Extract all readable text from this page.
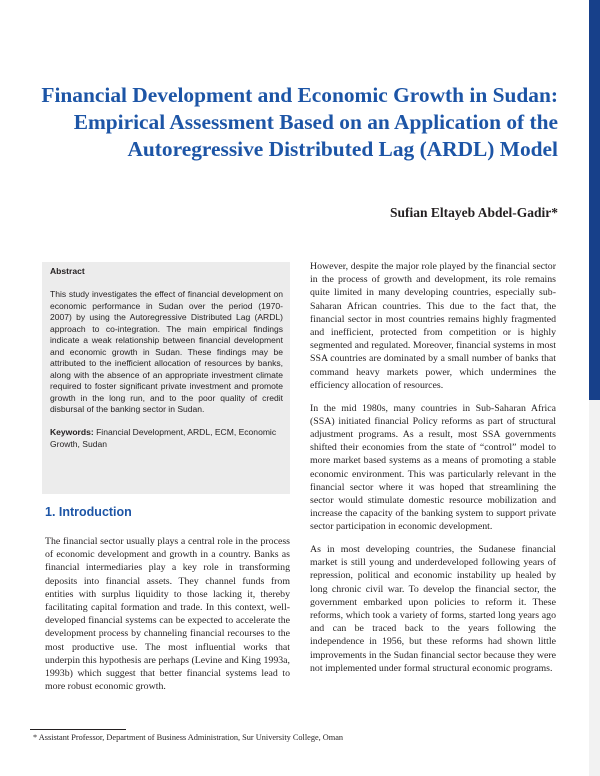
Financial Development and Economic Growth in Sudan: Empirical Assessment Based on an Application of the Autoregressive Distributed Lag (ARDL) Model

Sufian Eltayeb Abdel-Gadir*

Abstract

This study investigates the effect of financial development on economic performance in Sudan over the period (1970- 2007) by using the Autoregressive Distributed Lag (ARDL) approach to co-integration. The main empirical findings indicate a weak relationship between financial development and economic growth in Sudan. These findings may be attributed to the inefficient allocation of resources by banks, along with the absence of an appropriate investment climate required to foster significant private investment and promote growth in the long run, and to the poor quality of credit disbursal of the banking sector in Sudan.

Keywords: Financial Development, ARDL, ECM, Economic Growth, Sudan

1. Introduction

The financial sector usually plays a central role in the process of economic development and growth in a country. Banks as financial intermediaries play a key role in transforming deposits into financial assets. They channel funds from entities with surplus liquidity to those lacking it, thereby facilitating capital formation and trade. In this context, well-developed financial systems can be expected to accelerate the development process by channeling financial recourses to the most productive use. The most influential works that underpin this hypothesis are perhaps (Levine and King 1993a, 1993b) which suggest that better financial systems lead to more robust economic growth.

However, despite the major role played by the financial sector in the process of growth and development, its role remains quite limited in many developing countries, especially sub-Saharan African countries. This due to the fact that, the financial sector in most countries remains highly fragmented and inefficient, protected from competition or is highly segmented and regulated. Moreover, financial systems in most SSA countries are dominated by a small number of banks that command heavy markets power, which undermines the efficiency allocation of resources.

In the mid 1980s, many countries in Sub-Saharan Africa (SSA) initiated financial Policy reforms as part of structural adjustment programs. As a result, most SSA governments shifted their economies from the state of “control” model to more market based systems as a means of promoting a stable economic environment. This was particularly relevant in the financial sector where it was hoped that streamlining the sector would stimulate domestic resource mobilization and increase the capacity of the banking system to support private sector participation in economic development.

As in most developing countries, the Sudanese financial market is still young and underdeveloped following years of repression, political and economic instability up healed by long chronic civil war. To develop the financial sector, the government embarked upon policies to reform it. These reforms, which took a variety of forms, started long years ago and can be traced back to the years following the independence in 1956, but these reforms had shown little improvements in the Sudan financial sector because they were not implemented under formal structural economic programs.

* Assistant Professor, Department of Business Administration, Sur University College, Oman
